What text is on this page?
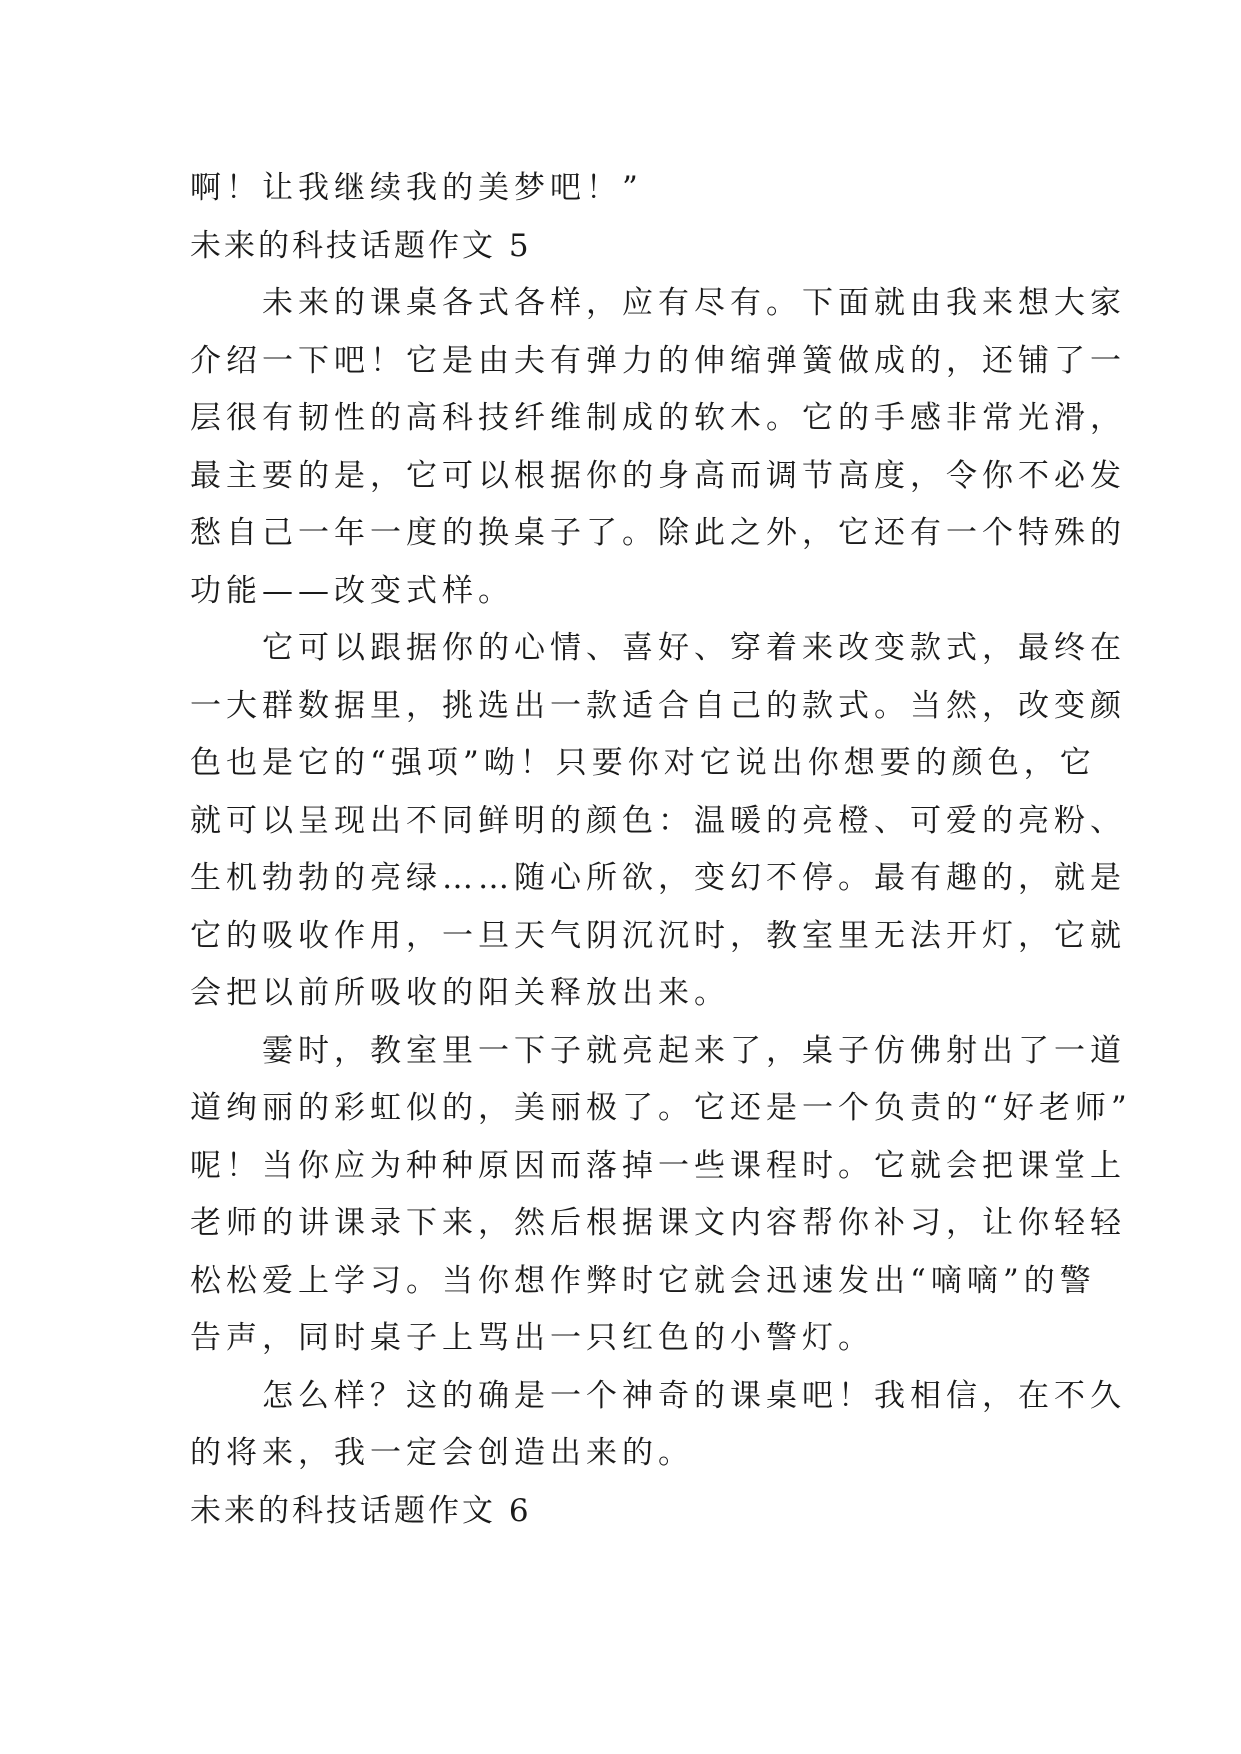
啊！让我继续我的美梦吧！”
未来的科技话题作文 5
　　未来的课桌各式各样，应有尽有。下面就由我来想大家
介绍一下吧！它是由夫有弹力的伸缩弹簧做成的，还铺了一
层很有韧性的高科技纤维制成的软木。它的手感非常光滑，
最主要的是，它可以根据你的身高而调节高度，令你不必发
愁自己一年一度的换桌子了。除此之外，它还有一个特殊的
功能——改变式样。
　　它可以跟据你的心情、喜好、穿着来改变款式，最终在
一大群数据里，挑选出一款适合自己的款式。当然，改变颜
色也是它的“强项”呦！只要你对它说出你想要的颜色，它
就可以呈现出不同鲜明的颜色：温暖的亮橙、可爱的亮粉、
生机勃勃的亮绿……随心所欲，变幻不停。最有趣的，就是
它的吸收作用，一旦天气阴沉沉时，教室里无法开灯，它就
会把以前所吸收的阳关释放出来。
　　霎时，教室里一下子就亮起来了，桌子仿佛射出了一道
道绚丽的彩虹似的，美丽极了。它还是一个负责的“好老师”
呢！当你应为种种原因而落掉一些课程时。它就会把课堂上
老师的讲课录下来，然后根据课文内容帮你补习，让你轻轻
松松爱上学习。当你想作弊时它就会迅速发出“嘀嘀”的警
告声，同时桌子上骂出一只红色的小警灯。
　　怎么样？这的确是一个神奇的课桌吧！我相信，在不久
的将来，我一定会创造出来的。
未来的科技话题作文 6
